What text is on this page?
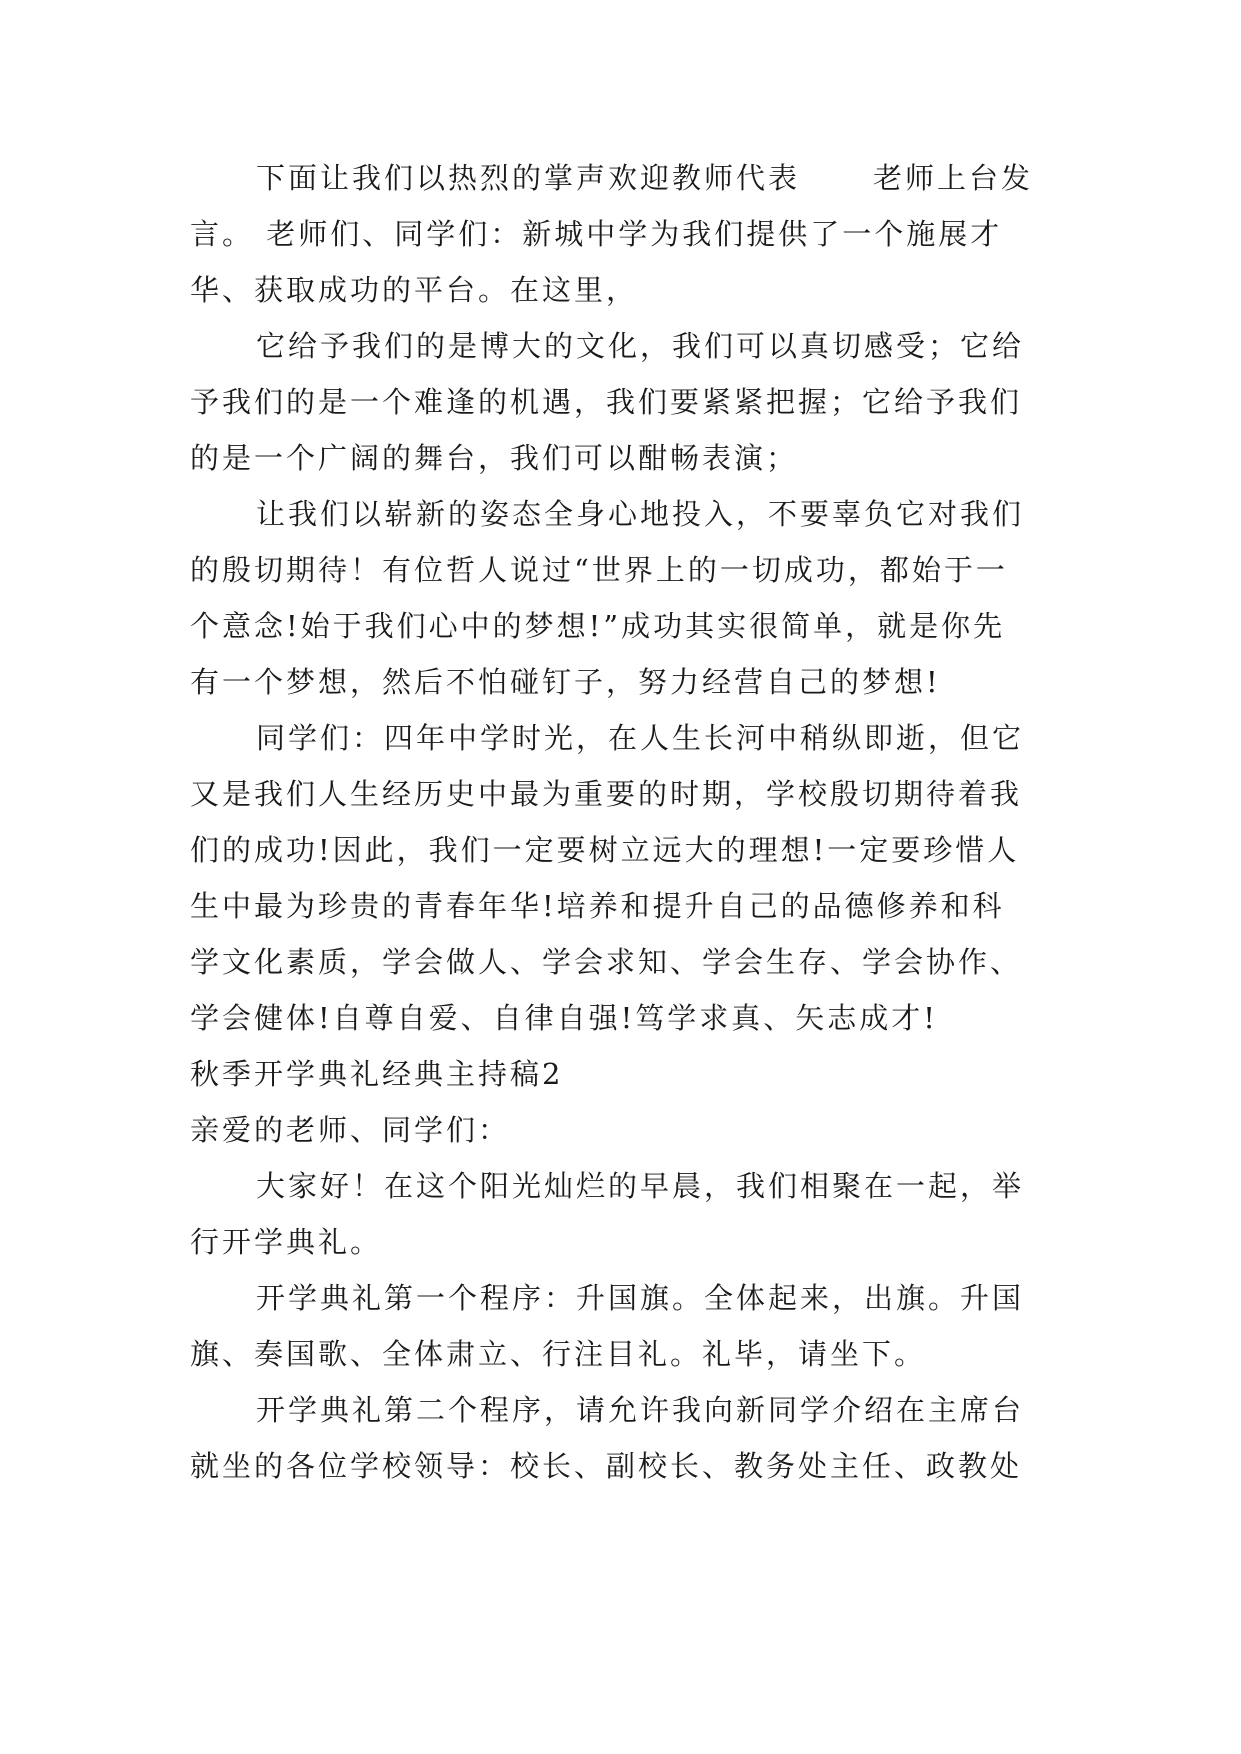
下面让我们以热烈的掌声欢迎教师代表	老师上台发
言。 老师们、同学们：新城中学为我们提供了一个施展才
华、获取成功的平台。在这里，
它给予我们的是博大的文化，我们可以真切感受；它给
予我们的是一个难逢的机遇，我们要紧紧把握；它给予我们
的是一个广阔的舞台，我们可以酣畅表演；
让我们以崭新的姿态全身心地投入，不要辜负它对我们
的殷切期待！有位哲人说过“世界上的一切成功，都始于一
个意念!始于我们心中的梦想!”成功其实很简单，就是你先
有一个梦想，然后不怕碰钉子，努力经营自己的梦想!
同学们：四年中学时光，在人生长河中稍纵即逝，但它
又是我们人生经历史中最为重要的时期，学校殷切期待着我
们的成功!因此，我们一定要树立远大的理想!一定要珍惜人
生中最为珍贵的青春年华!培养和提升自己的品德修养和科
学文化素质，学会做人、学会求知、学会生存、学会协作、
学会健体!自尊自爱、自律自强!笃学求真、矢志成才!
秋季开学典礼经典主持稿2
亲爱的老师、同学们：
大家好！在这个阳光灿烂的早晨，我们相聚在一起，举
行开学典礼。
开学典礼第一个程序：升国旗。全体起来，出旗。升国
旗、奏国歌、全体肃立、行注目礼。礼毕，请坐下。
开学典礼第二个程序，请允许我向新同学介绍在主席台
就坐的各位学校领导：校长、副校长、教务处主任、政教处
